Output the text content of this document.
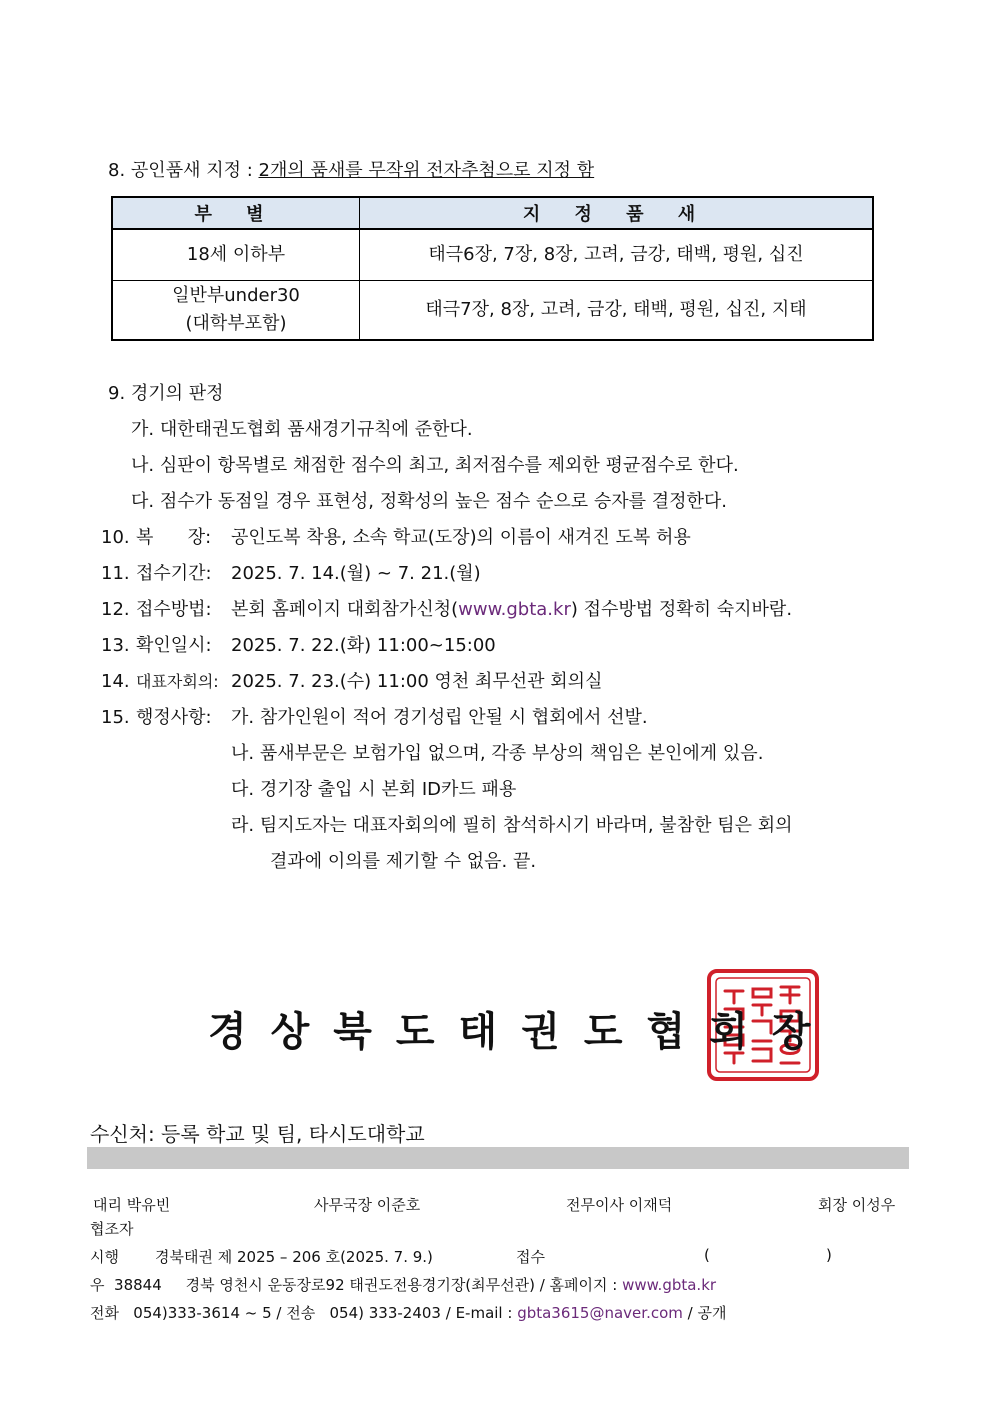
8. 공인품새 지정 : 2개의 품새를 무작위 전자추첨으로 지정 함
부 별	지 정 품 새
18세 이하부	태극6장, 7장, 8장, 고려, 금강, 태백, 평원, 십진
일반부under30
(대학부포함)	태극7장, 8장, 고려, 금강, 태백, 평원, 십진, 지태
9. 경기의 판정
가. 대한태권도협회 품새경기규칙에 준한다.
나. 심판이 항목별로 채점한 점수의 최고, 최저점수를 제외한 평균점수로 한다.
다. 점수가 동점일 경우 표현성, 정확성의 높은 점수 순으로 승자를 결정한다.
10. 복      장: 공인도복 착용, 소속 학교(도장)의 이름이 새겨진 도복 허용
11. 접수기간: 2025. 7. 14.(월) ~ 7. 21.(월)
12. 접수방법: 본회 홈페이지 대회참가신청(www.gbta.kr) 접수방법 정확히 숙지바람.
13. 확인일시: 2025. 7. 22.(화) 11:00~15:00
14. 대표자회의: 2025. 7. 23.(수) 11:00 영천 최무선관 회의실
15. 행정사항: 가. 참가인원이 적어 경기성립 안될 시 협회에서 선발.
나. 품새부문은 보험가입 없으며, 각종 부상의 책임은 본인에게 있음.
다. 경기장 출입 시 본회 ID카드 패용
라. 팀지도자는 대표자회의에 필히 참석하시기 바라며, 불참한 팀은 회의
결과에 이의를 제기할 수 없음. 끝.
경상북도태권도협회장
수신처: 등록 학교 및 팀, 타시도대학교
대리 박유빈	사무국장 이준호	전무이사 이재덕	회장 이성우
협조자
시행 경북태권 제 2025 – 206 호(2025. 7. 9.)	접수	(	)
우  38844     경북 영천시 운동장로92 태권도전용경기장(최무선관) / 홈페이지 : www.gbta.kr
전화   054)333-3614 ~ 5 / 전송   054) 333-2403 / E-mail : gbta3615@naver.com / 공개
